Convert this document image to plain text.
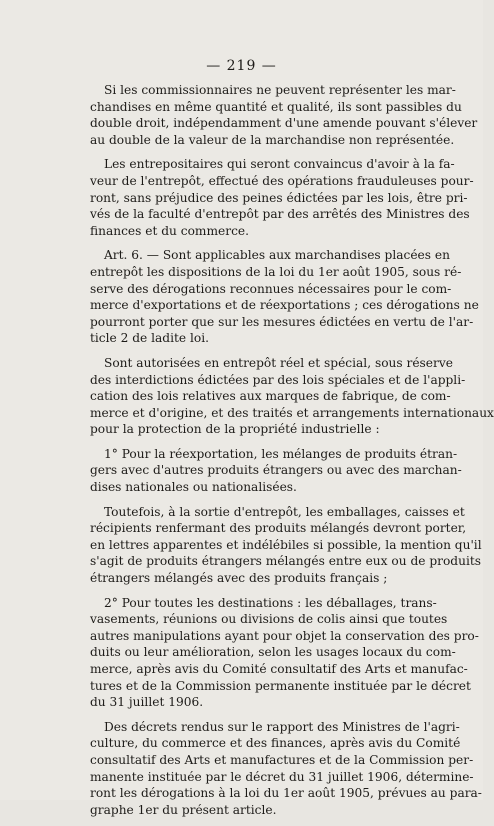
— 219 —
Si les commissionnaires ne peuvent représenter les mar-
chandises en même quantité et qualité, ils sont passibles du
double droit, indépendamment d'une amende pouvant s'élever
au double de la valeur de la marchandise non représentée.
Les entrepositaires qui seront convaincus d'avoir à la fa-
veur de l'entrepôt, effectué des opérations frauduleuses pour-
ront, sans préjudice des peines édictées par les lois, être pri-
vés de la faculté d'entrepôt par des arrêtés des Ministres des
finances et du commerce.
Art. 6. — Sont applicables aux marchandises placées en
entrepôt les dispositions de la loi du 1er août 1905, sous ré-
serve des dérogations reconnues nécessaires pour le com-
merce d'exportations et de réexportations ; ces dérogations ne
pourront porter que sur les mesures édictées en vertu de l'ar-
ticle 2 de ladite loi.
Sont autorisées en entrepôt réel et spécial, sous réserve
des interdictions édictées par des lois spéciales et de l'appli-
cation des lois relatives aux marques de fabrique, de com-
merce et d'origine, et des traités et arrangements internationaux
pour la protection de la propriété industrielle :
1° Pour la réexportation, les mélanges de produits étran-
gers avec d'autres produits étrangers ou avec des marchan-
dises nationales ou nationalisées.
Toutefois, à la sortie d'entrepôt, les emballages, caisses et
récipients renfermant des produits mélangés devront porter,
en lettres apparentes et indélébiles si possible, la mention qu'il
s'agit de produits étrangers mélangés entre eux ou de produits
étrangers mélangés avec des produits français ;
2° Pour toutes les destinations : les déballages, trans-
vasements, réunions ou divisions de colis ainsi que toutes
autres manipulations ayant pour objet la conservation des pro-
duits ou leur amélioration, selon les usages locaux du com-
merce, après avis du Comité consultatif des Arts et manufac-
tures et de la Commission permanente instituée par le décret
du 31 juillet 1906.
Des décrets rendus sur le rapport des Ministres de l'agri-
culture, du commerce et des finances, après avis du Comité
consultatif des Arts et manufactures et de la Commission per-
manente instituée par le décret du 31 juillet 1906, détermine-
ront les dérogations à la loi du 1er août 1905, prévues au para-
graphe 1er du présent article.
